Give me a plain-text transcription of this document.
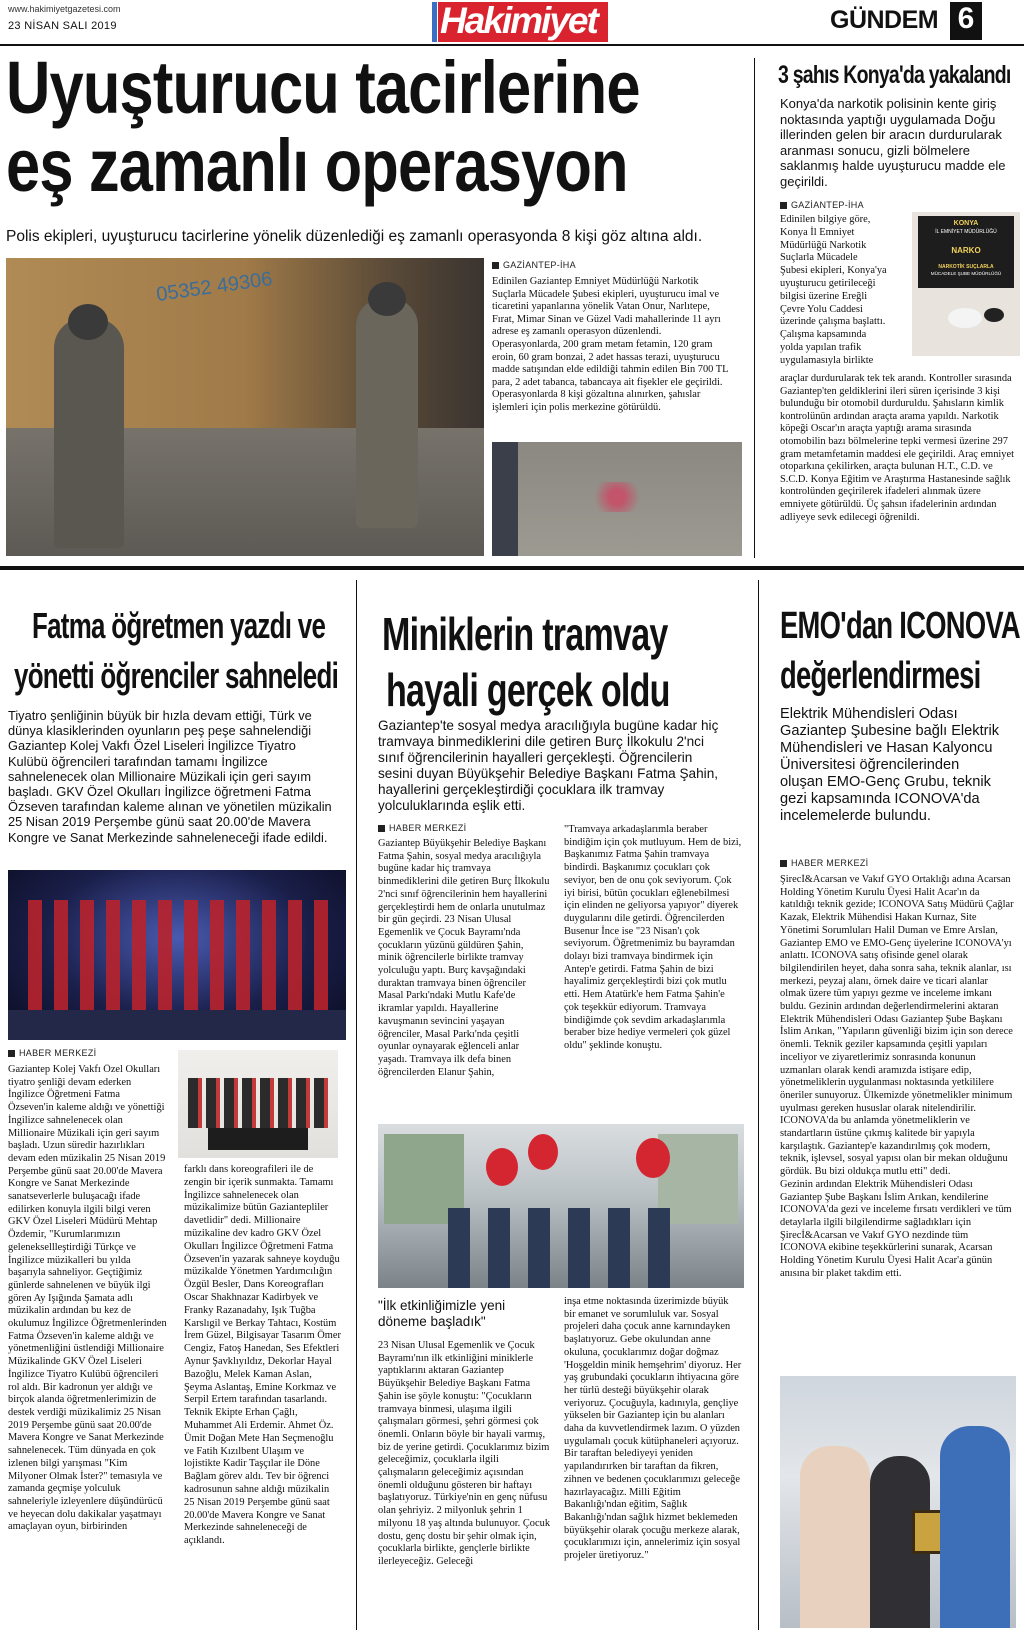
www.hakimiyetgazetesi.com
23 NİSAN SALI 2019	Hakimiyet	GÜNDEM 6
Uyuşturucu tacirlerine
eş zamanlı operasyon
Polis ekipleri, uyuşturucu tacirlerine yönelik düzenlediği eş zamanlı operasyonda 8 kişi göz altına aldı.
05352 49306
GAZİANTEP-İHA
Edinilen Gaziantep Emniyet Müdürlüğü Narkotik Suçlarla Mücadele Şubesi ekipleri, uyuşturucu imal ve ticaretini yapanlarına yönelik Vatan Onur, Narlıtepe, Fırat, Mimar Sinan ve Güzel Vadi mahallerinde 11 ayrı adrese eş zamanlı operasyon düzenlendi. Operasyonlarda, 200 gram metam fetamin, 120 gram eroin, 60 gram bonzai, 2 adet hassas terazi, uyuşturucu madde satışından elde edildiği tahmin edilen Bin 700 TL para, 2 adet tabanca, tabancaya ait fişekler ele geçirildi. Operasyonlarda 8 kişi gözaltına alınırken, şahıslar işlemleri için polis merkezine götürüldü.
3 şahıs Konya'da yakalandı
Konya'da narkotik polisinin kente giriş noktasında yaptığı uygulamada Doğu illerinden gelen bir aracın durdurularak aranması sonucu, gizli bölmelere saklanmış halde uyuşturucu madde ele geçirildi.
GAZİANTEP-İHA
KONYA
İL EMNİYET MÜDÜRLÜĞÜ
NARKO
NARKOTİK SUÇLARLA
MÜCADELE ŞUBE MÜDÜRLÜĞÜ
Edinilen bilgiye göre,
Konya İl Emniyet
Müdürlüğü Narkotik
Suçlarla Mücadele
Şubesi ekipleri, Konya'ya
uyuşturucu getirileceği
bilgisi üzerine Ereğli
Çevre Yolu Caddesi
üzerinde çalışma başlattı.
Çalışma kapsamında
yolda yapılan trafik
uygulamasıyla birlikte
araçlar durdurularak tek tek arandı. Kontroller sırasında Gaziantep'ten geldiklerini ileri süren içerisinde 3 kişi bulunduğu bir otomobil durduruldu. Şahısların kimlik kontrolünün ardından araçta arama yapıldı. Narkotik köpeği Oscar'ın araçta yaptığı arama sırasında otomobilin bazı bölmelerine tepki vermesi üzerine 297 gram metamfetamin maddesi ele geçirildi. Araç emniyet otoparkına çekilirken, araçta bulunan H.T., C.D. ve S.C.D. Konya Eğitim ve Araştırma Hastanesinde sağlık kontrolünden geçirilerek ifadeleri alınmak üzere emniyete götürüldü. Üç şahsın ifadelerinin ardından adliyeye sevk edilecegi öğrenildi.
Fatma öğretmen yazdı ve
yönetti öğrenciler sahneledi
Tiyatro şenliğinin büyük bir hızla devam ettiği, Türk ve dünya klasiklerinden oyunların peş peşe sahnelendiği Gaziantep Kolej Vakfı Özel Liseleri İngilizce Tiyatro Kulübü öğrencileri tarafından tamamı İngilizce sahnelenecek olan Millionaire Müzikali için geri sayım başladı. GKV Özel Okulları İngilizce öğretmeni Fatma Özseven tarafından kaleme alınan ve yönetilen müzikalin 25 Nisan 2019 Perşembe günü saat 20.00'de Mavera Kongre ve Sanat Merkezinde sahneleneceği ifade edildi.
HABER MERKEZİ
Gaziantep Kolej Vakfı Özel Okulları tiyatro şenliği devam ederken İngilizce Öğretmeni Fatma Özseven'in kaleme aldığı ve yönettiği İngilizce sahnelenecek olan Millionaire Müzikali için geri sayım başladı. Uzun süredir hazırlıkları devam eden müzikalin 25 Nisan 2019 Perşembe günü saat 20.00'de Mavera Kongre ve Sanat Merkezinde sanatseverlerle buluşacağı ifade edilirken konuyla ilgili bilgi veren GKV Özel Liseleri Müdürü Mehtap Özdemir, "Kurumlarımızın geleneksellleştirdiği Türkçe ve İngilizce müzikalleri bu yılda başarıyla sahneliyor. Geçtiğimiz günlerde sahnelenen ve büyük ilgi gören Ay Işığında Şamata adlı müzikalin ardından bu kez de okulumuz İngilizce Öğretmenlerinden Fatma Özseven'in kaleme aldığı ve yönetmenliğini üstlendiği Millionaire Müzikalinde GKV Özel Liseleri İngilizce Tiyatro Kulübü öğrencileri rol aldı. Bir kadronun yer aldığı ve birçok alanda öğretmenlerimizin de destek verdiği müzikalimiz 25 Nisan 2019 Perşembe günü saat 20.00'de Mavera Kongre ve Sanat Merkezinde sahnelenecek. Tüm dünyada en çok izlenen bilgi yarışması "Kim Milyoner Olmak İster?" temasıyla ve zamanda geçmişe yolculuk sahneleriyle izleyenlere düşündürücü ve heyecan dolu dakikalar yaşatmayı amaçlayan oyun, birbirinden
farklı dans koreografileri ile de zengin bir içerik sunmakta. Tamamı İngilizce sahnelenecek olan müzikalimize bütün Gaziantepliler davetlidir" dedi. Millionaire müzikaline dev kadro GKV Özel Okulları İngilizce Öğretmeni Fatma Özseven'in yazarak sahneye koyduğu müzikalde Yönetmen Yardımcılığın Özgül Besler, Dans Koreografları Oscar Shakhnazar Kadirbyek ve Franky Razanadahy, Işık Tuğba Karslıgil ve Berkay Tahtacı, Kostüm İrem Güzel, Bilgisayar Tasarım Ömer Cengiz, Fatoş Hanedan, Ses Efektleri Aynur Şavklıyıldız, Dekorlar Hayal Bazoğlu, Melek Kaman Aslan, Şeyma Aslantaş, Emine Korkmaz ve Serpil Ertem tarafından tasarlandı. Teknik Ekipte Erhan Çağlı, Muhammet Ali Erdemir. Ahmet Öz. Ümit Doğan Mete Han Seçmenoğlu ve Fatih Kızılbent Ulaşım ve lojistikte Kadir Taşçılar ile Döne Bağlam görev aldı. Tev bir öğrenci kadrosunun sahne aldığı müzikalin 25 Nisan 2019 Perşembe günü saat 20.00'de Mavera Kongre ve Sanat Merkezinde sahneleneceği de açıklandı.
Miniklerin tramvay
hayali gerçek oldu
Gaziantep'te sosyal medya aracılığıyla bugüne kadar hiç tramvaya binmediklerini dile getiren Burç İlkokulu 2'nci sınıf öğrencilerinin hayalleri gerçekleşti. Öğrencilerin sesini duyan Büyükşehir Belediye Başkanı Fatma Şahin, hayallerini gerçekleştirdiği çocuklara ilk tramvay yolculuklarında eşlik etti.
HABER MERKEZİ
Gaziantep Büyükşehir Belediye Başkanı Fatma Şahin, sosyal medya aracılığıyla bugüne kadar hiç tramvaya binmediklerini dile getiren Burç İlkokulu 2'nci sınıf öğrencilerinin hem hayallerini gerçekleştirdi hem de onlarla unutulmaz bir gün geçirdi. 23 Nisan Ulusal Egemenlik ve Çocuk Bayramı'nda çocukların yüzünü güldüren Şahin, minik öğrencilerle birlikte tramvay yolculuğu yaptı. Burç kavşağındaki duraktan tramvaya binen öğrenciler Masal Parkı'ndaki Mutlu Kafe'de ikramlar yapıldı. Hayallerine kavuşmanın sevincini yaşayan öğrenciler, Masal Parkı'nda çeşitli oyunlar oynayarak eğlenceli anlar yaşadı. Tramvaya ilk defa binen öğrencilerden Elanur Şahin,
"Tramvaya arkadaşlarımla beraber bindiğim için çok mutluyum. Hem de bizi, Başkanımız Fatma Şahin tramvaya bindirdi. Başkanımız çocukları çok seviyor, ben de onu çok seviyorum. Çok iyi birisi, bütün çocukları eğlenebilmesi için elinden ne geliyorsa yapıyor" diyerek duygularını dile getirdi. Öğrencilerden Busenur İnce ise "23 Nisan'ı çok seviyorum. Öğretmenimiz bu bayramdan dolayı bizi tramvaya bindirmek için Antep'e getirdi. Fatma Şahin de bizi hayalimiz gerçekleştirdi bizi çok mutlu etti. Hem Atatürk'e hem Fatma Şahin'e çok teşekkür ediyorum. Tramvaya bindiğimde çok sevdim arkadaşlarımla beraber bize hediye vermeleri çok güzel oldu" şeklinde konuştu.
"İlk etkinliğimizle yeni döneme başladık"
23 Nisan Ulusal Egemenlik ve Çocuk Bayramı'nın ilk etkinliğini miniklerle yaptıklarını aktaran Gaziantep Büyükşehir Belediye Başkanı Fatma Şahin ise şöyle konuştu: "Çocukların tramvaya binmesi, ulaşıma ilgili çalışmaları görmesi, şehri görmesi çok önemli. Onların böyle bir hayali varmış, biz de yerine getirdi. Çocuklarımız bizim geleceğimiz, çocuklarla ilgili çalışmaların geleceğimiz açısından önemli olduğunu gösteren bir haftayı başlatıyoruz. Türkiye'nin en genç nüfusu olan şehriyiz. 2 milyonluk şehrin 1 milyonu 18 yaş altında bulunuyor. Çocuk dostu, genç dostu bir şehir olmak için, çocuklarla birlikte, gençlerle birlikte ilerleyeceğiz. Geleceği
inşa etme noktasında üzerimizde büyük bir emanet ve sorumluluk var. Sosyal projeleri daha çocuk anne karnındayken başlatıyoruz. Gebe okulundan anne okuluna, çocuklarımız doğar doğmaz 'Hoşgeldin minik hemşehrim' diyoruz. Her yaş grubundaki çocukların ihtiyacına göre her türlü desteği büyükşehir olarak veriyoruz. Çocuğuyla, kadınıyla, gençliye yükselen bir Gaziantep için bu alanları daha da kuvvetlendirmek lazım. O yüzden uygulamalı çocuk kütüphaneleri açıyoruz. Bir taraftan belediyeyi yeniden yapılandırırken bir taraftan da fikren, zihnen ve bedenen çocuklarımızı geleceğe hazırlayacağız. Milli Eğitim Bakanlığı'ndan eğitim, Sağlık Bakanlığı'ndan sağlık hizmet beklemeden büyükşehir olarak çocuğu merkeze alarak, çocuklarımızı için, annelerimiz için sosyal projeler üretiyoruz."
EMO'dan ICONOVA
değerlendirmesi
Elektrik Mühendisleri Odası Gaziantep Şubesine bağlı Elektrik Mühendisleri ve Hasan Kalyoncu Üniversitesi öğrencilerinden oluşan EMO-Genç Grubu, teknik gezi kapsamında ICONOVA'da incelemelerde bulundu.
HABER MERKEZİ
Şirecİ&Acarsan ve Vakıf GYO Ortaklığı adına Acarsan Holding Yönetim Kurulu Üyesi Halit Acar'ın da katıldığı teknik gezide; ICONOVA Satış Müdürü Çağlar Kazak, Elektrik Mühendisi Hakan Kurnaz, Site Yönetimi Sorumluları Halil Duman ve Emre Arslan, Gaziantep EMO ve EMO-Genç üyelerine ICONOVA'yı anlattı. ICONOVA satış ofisinde genel olarak bilgilendirilen heyet, daha sonra saha, teknik alanlar, ısı merkezi, peyzaj alanı, örnek daire ve ticari alanlar olmak üzere tüm yapıyı gezme ve inceleme imkanı buldu. Gezinin ardından değerlendirmelerini aktaran Elektrik Mühendisleri Odası Gaziantep Şube Başkanı İslim Arıkan, "Yapıların güvenliği bizim için son derece önemli. Teknik geziler kapsamında çeşitli yapıları inceliyor ve ziyaretlerimiz sonrasında konunun uzmanları olarak kendi aramızda istişare edip, yönetmeliklerin uygulanması noktasında yetkililere öneriler sunuyoruz. Ülkemizde yönetmelikler minimum uyulması gereken hususlar olarak nitelendirilir. ICONOVA'da bu anlamda yönetmeliklerin ve standartların üstüne çıkmış kalitede bir yapıyla karşılaştık. Gaziantep'e kazandırılmış çok modern, teknik, işlevsel, sosyal yapısı olan bir mekan olduğunu gördük. Bu bizi oldukça mutlu etti" dedi.
Gezinin ardından Elektrik Mühendisleri Odası Gaziantep Şube Başkanı İslim Arıkan, kendilerine ICONOVA'da gezi ve inceleme fırsatı verdikleri ve tüm detaylarla ilgili bilgilendirme sağladıkları için Şirecİ&Acarsan ve Vakıf GYO nezdinde tüm ICONOVA ekibine teşekkürlerini sunarak, Acarsan Holding Yönetim Kurulu Üyesi Halit Acar'a günün anısına bir plaket takdim etti.
